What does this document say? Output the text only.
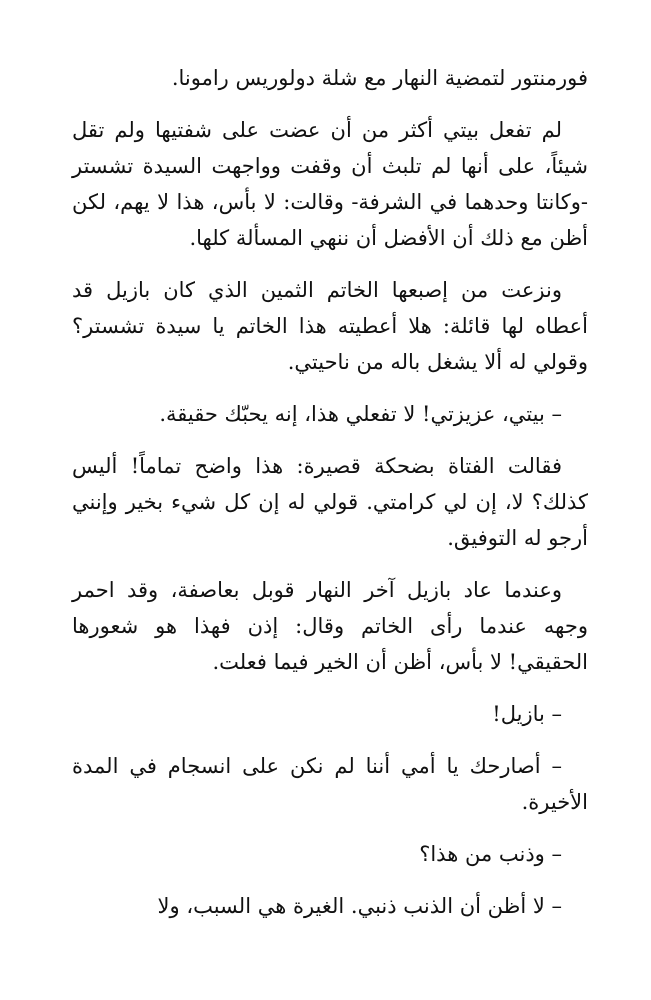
فورمنتور لتمضية النهار مع شلة دولوريس رامونا.

لم تفعل بيتي أكثر من أن عضت على شفتيها ولم تقل شيئاً، على أنها لم تلبث أن وقفت وواجهت السيدة تشستر -وكانتا وحدهما في الشرفة- وقالت: لا بأس، هذا لا يهم، لكن أظن مع ذلك أن الأفضل أن ننهي المسألة كلها.

ونزعت من إصبعها الخاتم الثمين الذي كان بازيل قد أعطاه لها قائلة: هلا أعطيته هذا الخاتم يا سيدة تشستر؟ وقولي له ألا يشغل باله من ناحيتي.

– بيتي، عزيزتي! لا تفعلي هذا، إنه يحبّك حقيقة.

فقالت الفتاة بضحكة قصيرة: هذا واضح تماماً! أليس كذلك؟ لا، إن لي كرامتي. قولي له إن كل شيء بخير وإنني أرجو له التوفيق.

وعندما عاد بازيل آخر النهار قوبل بعاصفة، وقد احمر وجهه عندما رأى الخاتم وقال: إذن فهذا هو شعورها الحقيقي! لا بأس، أظن أن الخير فيما فعلت.

– بازيل!

– أصارحك يا أمي أننا لم نكن على انسجام في المدة الأخيرة.

– وذنب من هذا؟

– لا أظن أن الذنب ذنبي. الغيرة هي السبب، ولا
